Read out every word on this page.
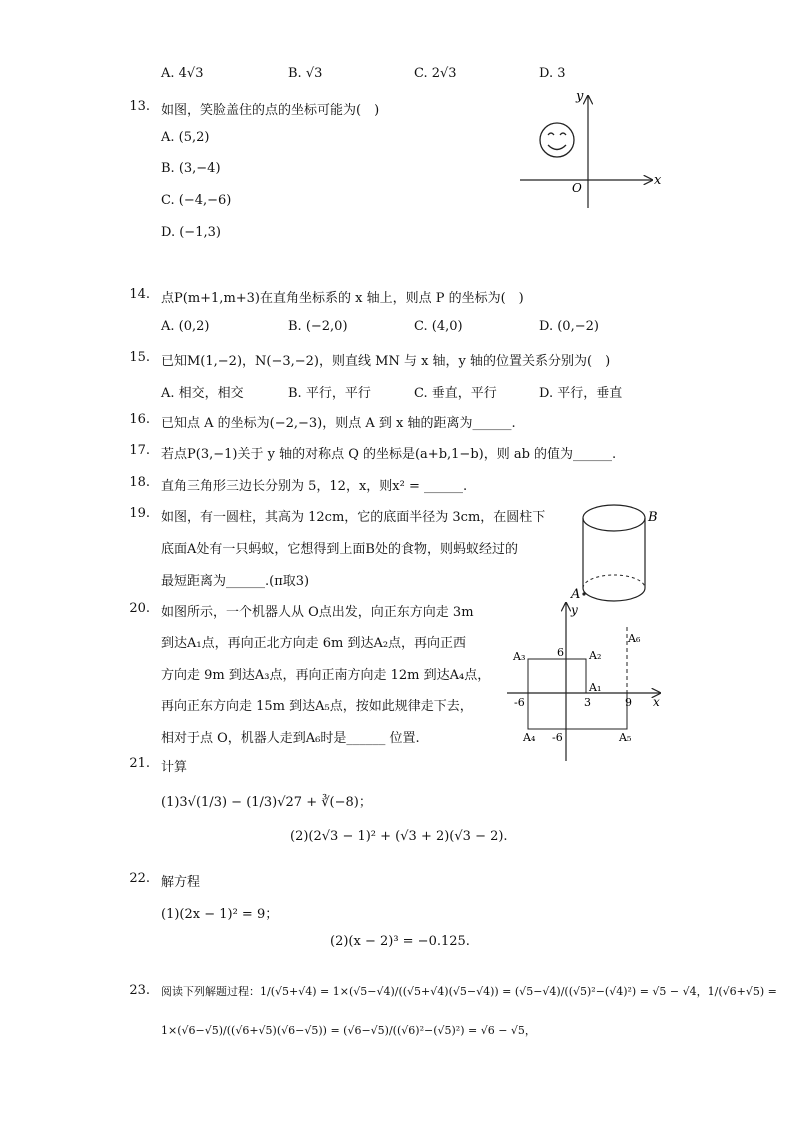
A. 4√3	B. √3	C. 2√3	D. 3
13. 如图，笑脸盖住的点的坐标可能为(　)
A. (5,2)
B. (3,−4)
C. (−4,−6)
D. (−1,3)
x
y
O
14. 点P(m+1,m+3)在直角坐标系的 x 轴上，则点 P 的坐标为(　)
A. (0,2)	B. (−2,0)	C. (4,0)	D. (0,−2)
15. 已知M(1,−2)，N(−3,−2)，则直线 MN 与 x 轴，y 轴的位置关系分别为(　)
A. 相交，相交	B. 平行，平行	C. 垂直，平行	D. 平行，垂直
16. 已知点 A 的坐标为(−2,−3)，则点 A 到 x 轴的距离为______.
17. 若点P(3,−1)关于 y 轴的对称点 Q 的坐标是(a+b,1−b)，则 ab 的值为______.
18. 直角三角形三边长分别为 5，12，x，则x² = ______.
19. 如图，有一圆柱，其高为 12cm，它的底面半径为 3cm，在圆柱下
底面A处有一只蚂蚁，它想得到上面B处的食物，则蚂蚁经过的
最短距离为______.(π取3)
B
A
20. 如图所示，一个机器人从 O点出发，向正东方向走 3m
到达A₁点，再向正北方向走 6m 到达A₂点，再向正西
方向走 9m 到达A₃点，再向正南方向走 12m 到达A₄点，
再向正东方向走 15m 到达A₅点，按如此规律走下去，
相对于点 O，机器人走到A₆时是______ 位置.
x
y
A₁
A₂
A₃
A₄	A₅
A₆
6
3	9
-6
-6
21. 计算
(1)3√(1/3) − (1/3)√27 + ∛(−8)；
(2)(2√3 − 1)² + (√3 + 2)(√3 − 2).
22. 解方程
(1)(2x − 1)² = 9；
(2)(x − 2)³ = −0.125.
23. 阅读下列解题过程：1/(√5+√4) = 1×(√5−√4)/((√5+√4)(√5−√4)) = (√5−√4)/((√5)²−(√4)²) = √5 − √4，1/(√6+√5) =
1×(√6−√5)/((√6+√5)(√6−√5)) = (√6−√5)/((√6)²−(√5)²) = √6 − √5，
